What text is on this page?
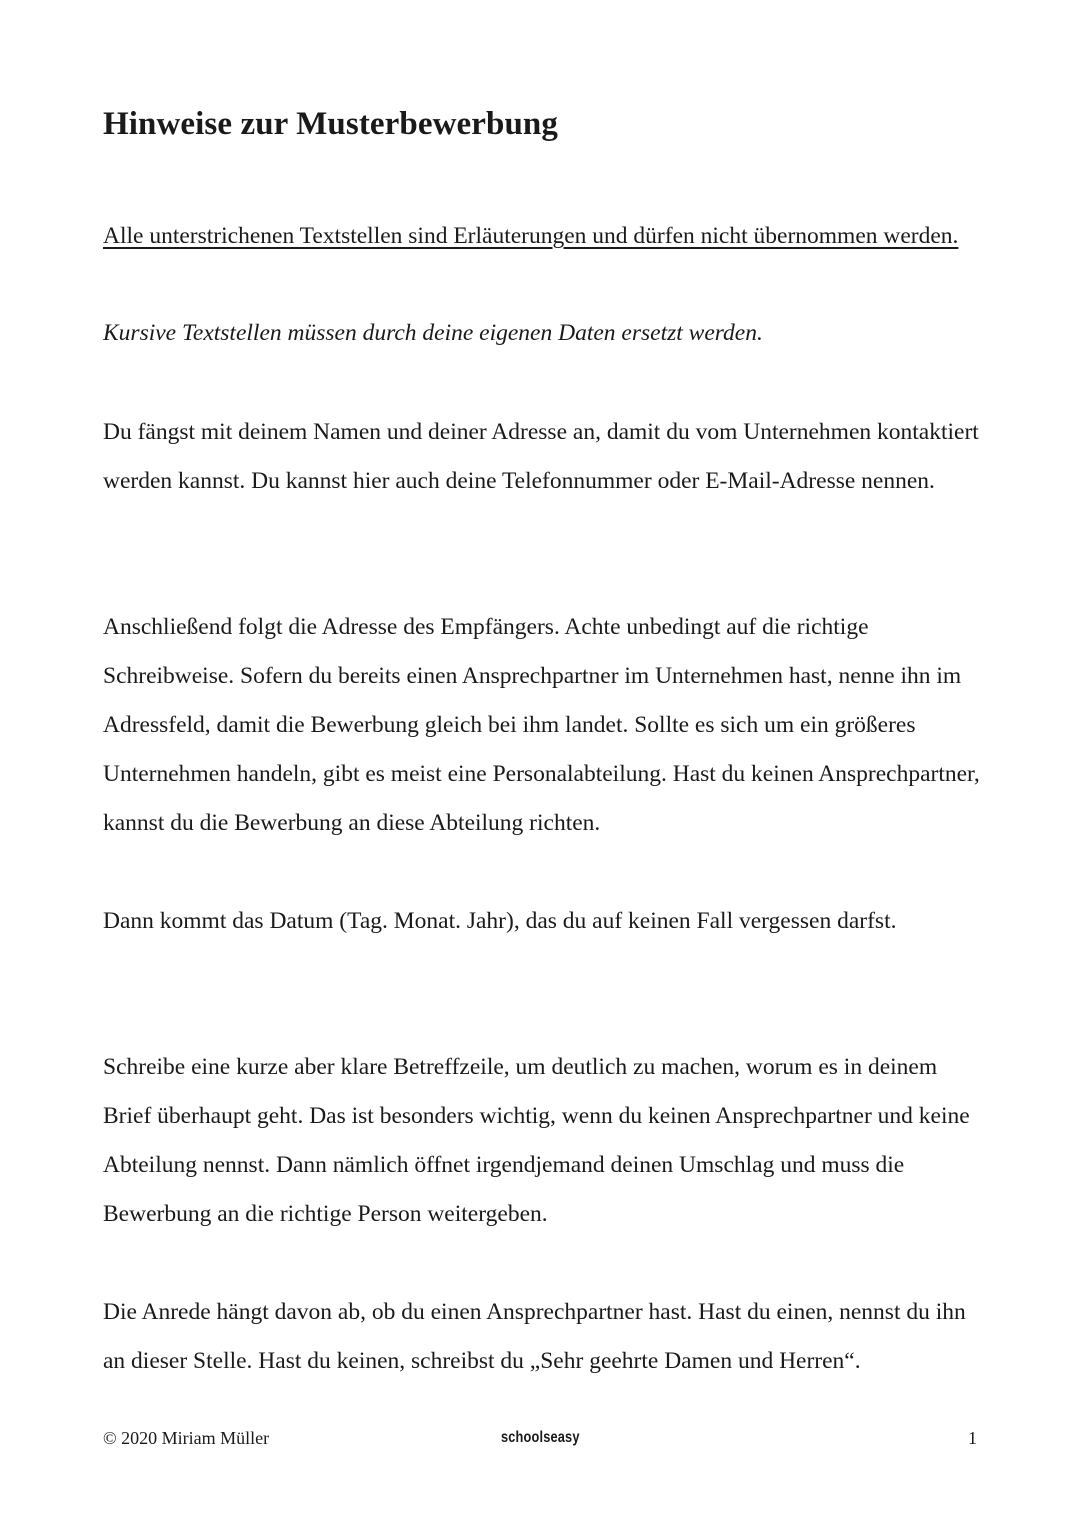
Hinweise zur Musterbewerbung

Alle unterstrichenen Textstellen sind Erläuterungen und dürfen nicht übernommen werden.

Kursive Textstellen müssen durch deine eigenen Daten ersetzt werden.

Du fängst mit deinem Namen und deiner Adresse an, damit du vom Unternehmen kontaktiert werden kannst. Du kannst hier auch deine Telefonnummer oder E-Mail-Adresse nennen.

Anschließend folgt die Adresse des Empfängers. Achte unbedingt auf die richtige Schreibweise. Sofern du bereits einen Ansprechpartner im Unternehmen hast, nenne ihn im Adressfeld, damit die Bewerbung gleich bei ihm landet. Sollte es sich um ein größeres Unternehmen handeln, gibt es meist eine Personalabteilung. Hast du keinen Ansprechpartner, kannst du die Bewerbung an diese Abteilung richten.

Dann kommt das Datum (Tag. Monat. Jahr), das du auf keinen Fall vergessen darfst.

Schreibe eine kurze aber klare Betreffzeile, um deutlich zu machen, worum es in deinem Brief überhaupt geht. Das ist besonders wichtig, wenn du keinen Ansprechpartner und keine Abteilung nennst. Dann nämlich öffnet irgendjemand deinen Umschlag und muss die Bewerbung an die richtige Person weitergeben.

Die Anrede hängt davon ab, ob du einen Ansprechpartner hast. Hast du einen, nennst du ihn an dieser Stelle. Hast du keinen, schreibst du „Sehr geehrte Damen und Herren“.

© 2020 Miriam Müller	schoolseasy	1
